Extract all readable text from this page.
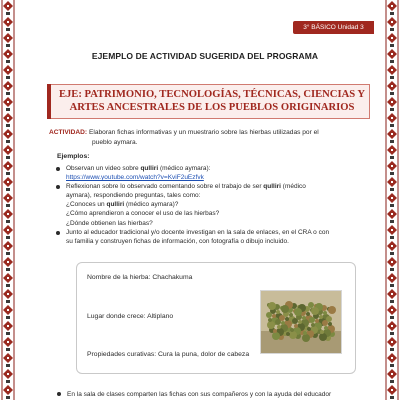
3° BÁSICO Unidad 3
EJEMPLO DE ACTIVIDAD SUGERIDA DEL PROGRAMA
EJE: PATRIMONIO, TECNOLOGÍAS, TÉCNICAS, CIENCIAS Y
ARTES ANCESTRALES DE LOS PUEBLOS ORIGINARIOS
ACTIVIDAD: Elaboran fichas informativas y un muestrario sobre las hierbas utilizadas por el
pueblo aymara.
Ejemplos:
Observan un video sobre qulliri (médico aymara):
https://www.youtube.com/watch?v=KviF2uEzfvk
Reflexionan sobre lo observado comentando sobre el trabajo de ser qulliri (médico
aymara), respondiendo preguntas, tales como:
¿Conoces un qulliri (médico aymara)?
¿Cómo aprendieron a conocer el uso de las hierbas?
¿Dónde obtienen las hierbas?
Junto al educador tradicional y/o docente investigan en la sala de enlaces, en el CRA o con
su familia y construyen fichas de información, con fotografía o dibujo incluido.
Nombre de la hierba: Chachakuma
Lugar donde crece: Altiplano
Propiedades curativas: Cura la puna, dolor de cabeza
En la sala de clases comparten las fichas con sus compañeros y con la ayuda del educador
